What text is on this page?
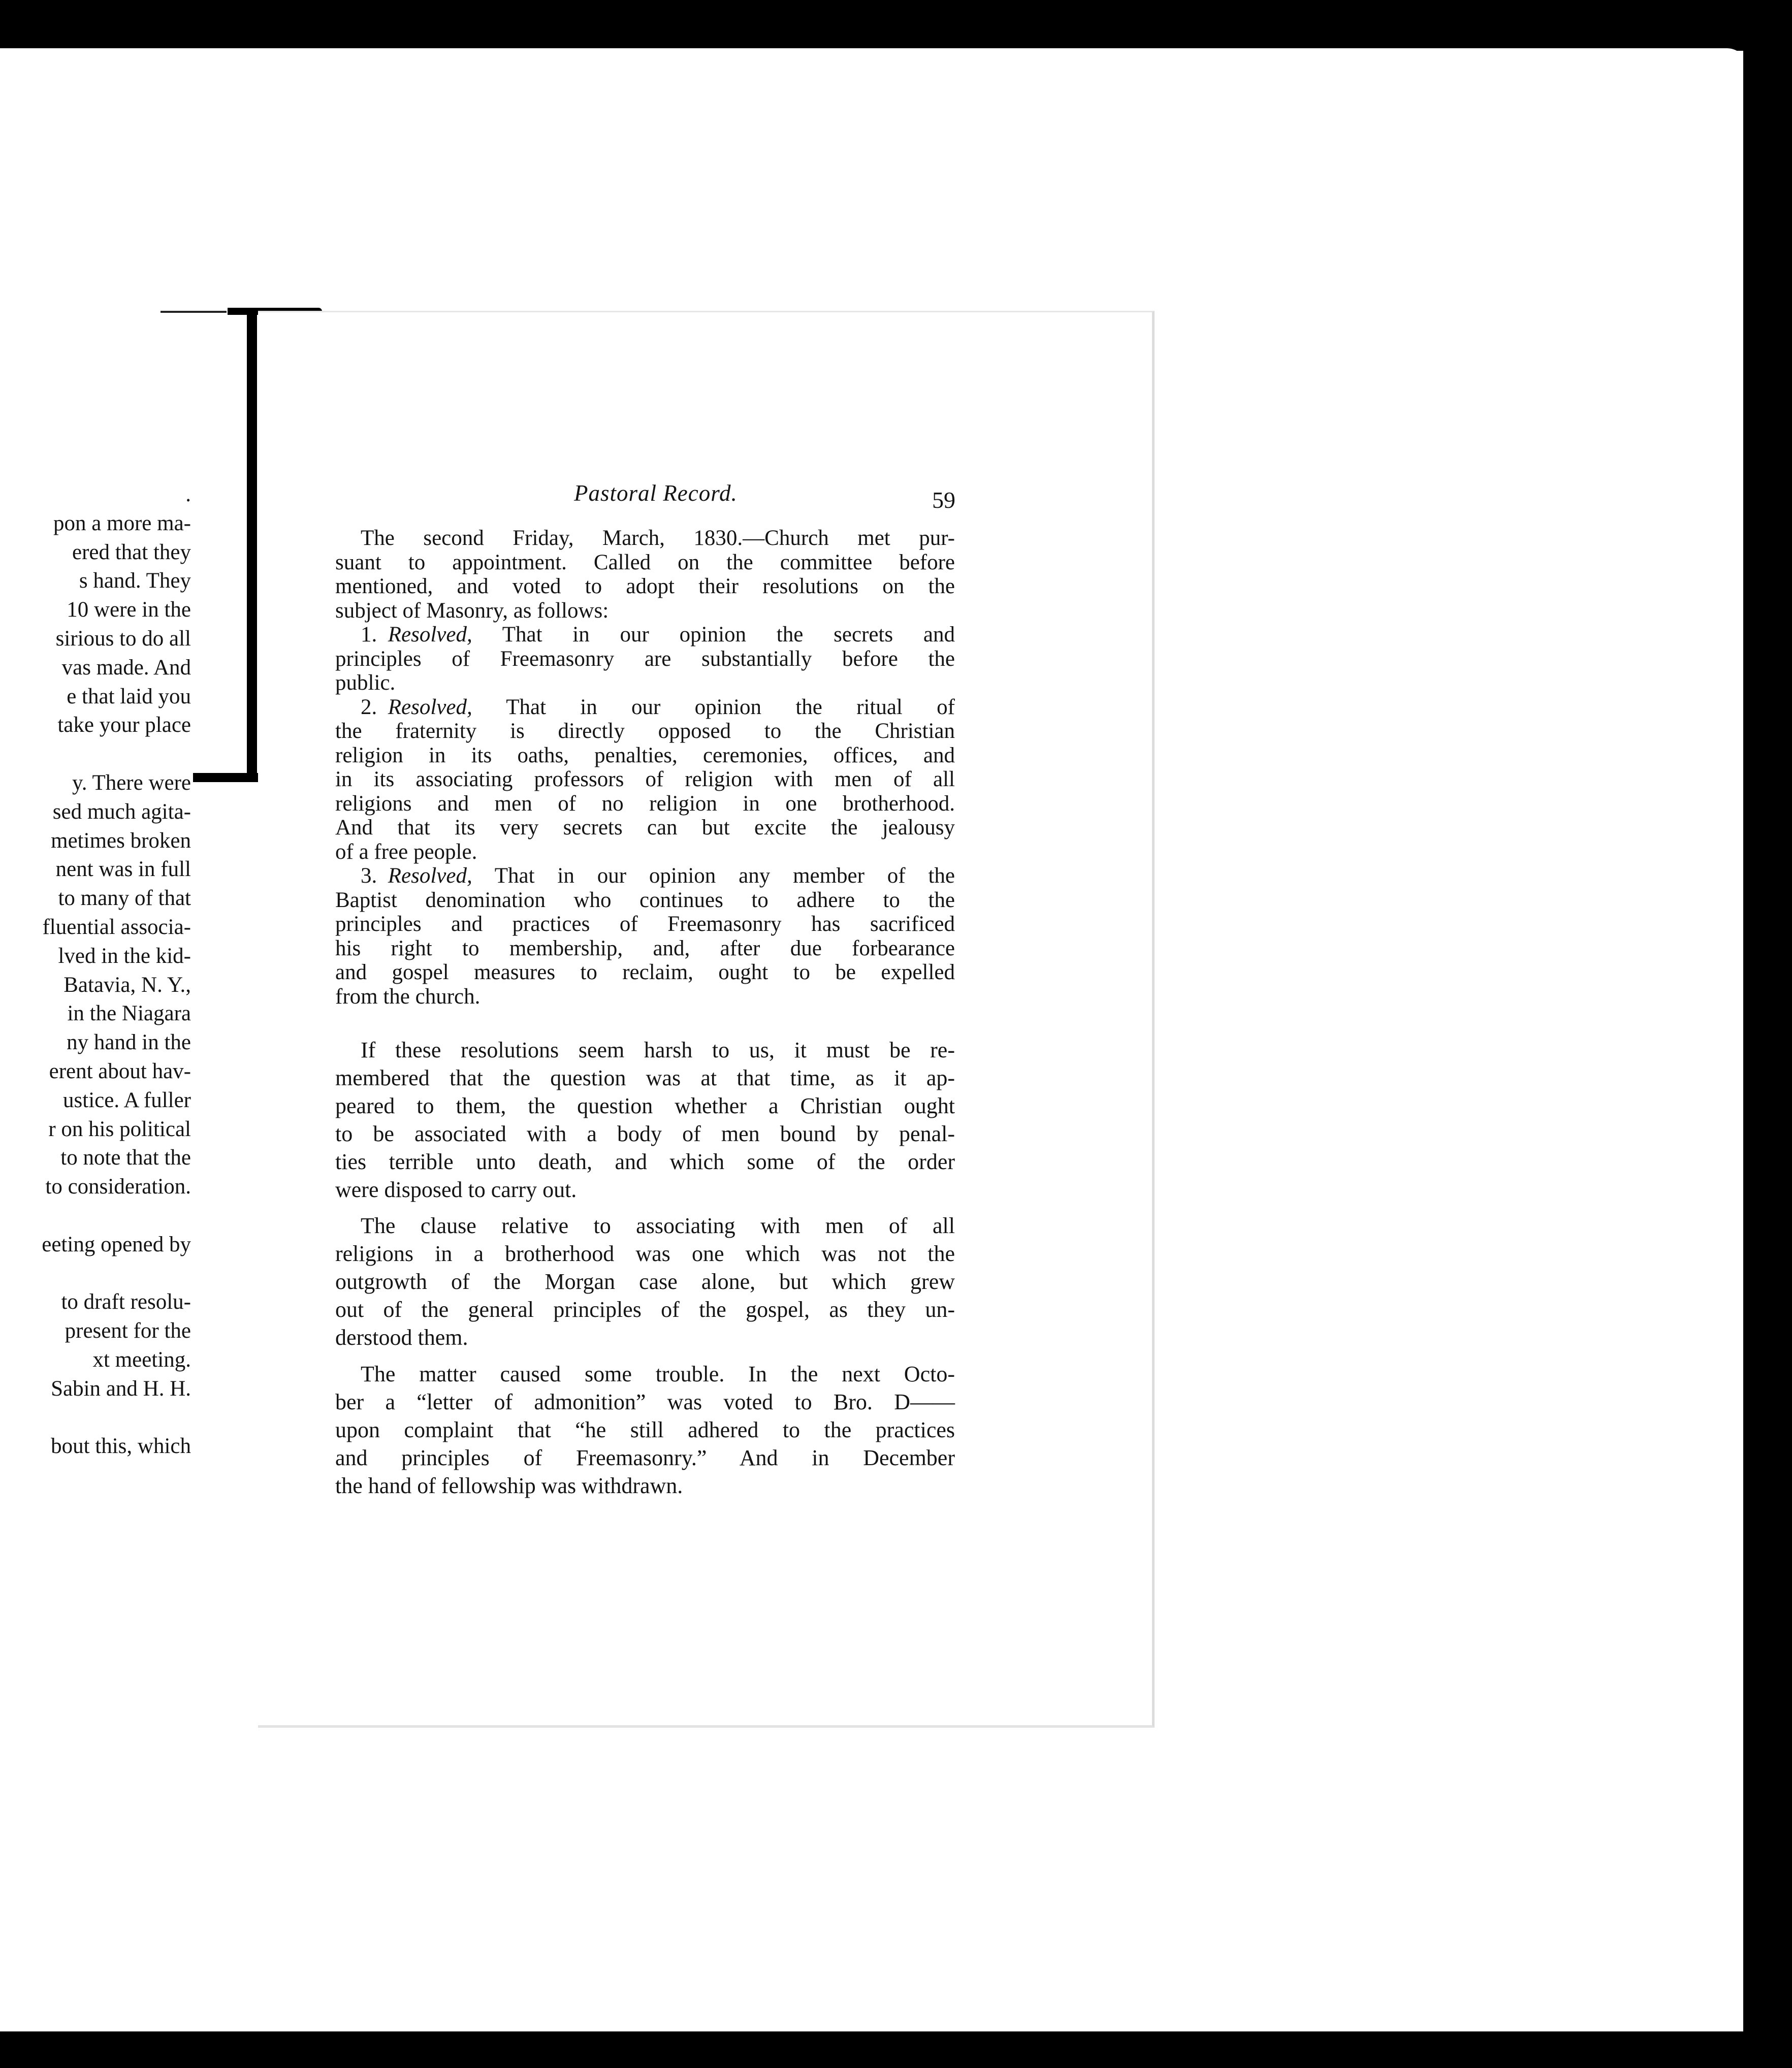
.
pon a more ma-
ered that they
s hand. They
10 were in the
sirious to do all
vas made. And
e that laid you
take your place
y. There were
sed much agita-
metimes broken
nent was in full
to many of that
fluential associa-
lved in the kid-
Batavia, N. Y.,
in the Niagara
ny hand in the
erent about hav-
ustice. A fuller
r on his political
to note that the
to consideration.
eeting opened by
to draft resolu-
present for the
xt meeting.
Sabin and H. H.
bout this, which
Pastoral Record.	59
The second Friday, March, 1830.—Church met pur-
suant to appointment. Called on the committee before
mentioned, and voted to adopt their resolutions on the
subject of Masonry, as follows:
1.  Resolved, That in our opinion the secrets and
principles of Freemasonry are substantially before the
public.
2.  Resolved, That in our opinion the ritual of
the fraternity is directly opposed to the Christian
religion in its oaths, penalties, ceremonies, offices, and
in its associating professors of religion with men of all
religions and men of no religion in one brotherhood.
And that its very secrets can but excite the jealousy
of a free people.
3.  Resolved, That in our opinion any member of the
Baptist denomination who continues to adhere to the
principles and practices of Freemasonry has sacrificed
his right to membership, and, after due forbearance
and gospel measures to reclaim, ought to be expelled
from the church.
If these resolutions seem harsh to us, it must be re-
membered that the question was at that time, as it ap-
peared to them, the question whether a Christian ought
to be associated with a body of men bound by penal-
ties terrible unto death, and which some of the order
were disposed to carry out.
The clause relative to associating with men of all
religions in a brotherhood was one which was not the
outgrowth of the Morgan case alone, but which grew
out of the general principles of the gospel, as they un-
derstood them.
The matter caused some trouble. In the next Octo-
ber a “letter of admonition” was voted to Bro. D——
upon complaint that “he still adhered to the practices
and principles of Freemasonry.” And in December
the hand of fellowship was withdrawn.
